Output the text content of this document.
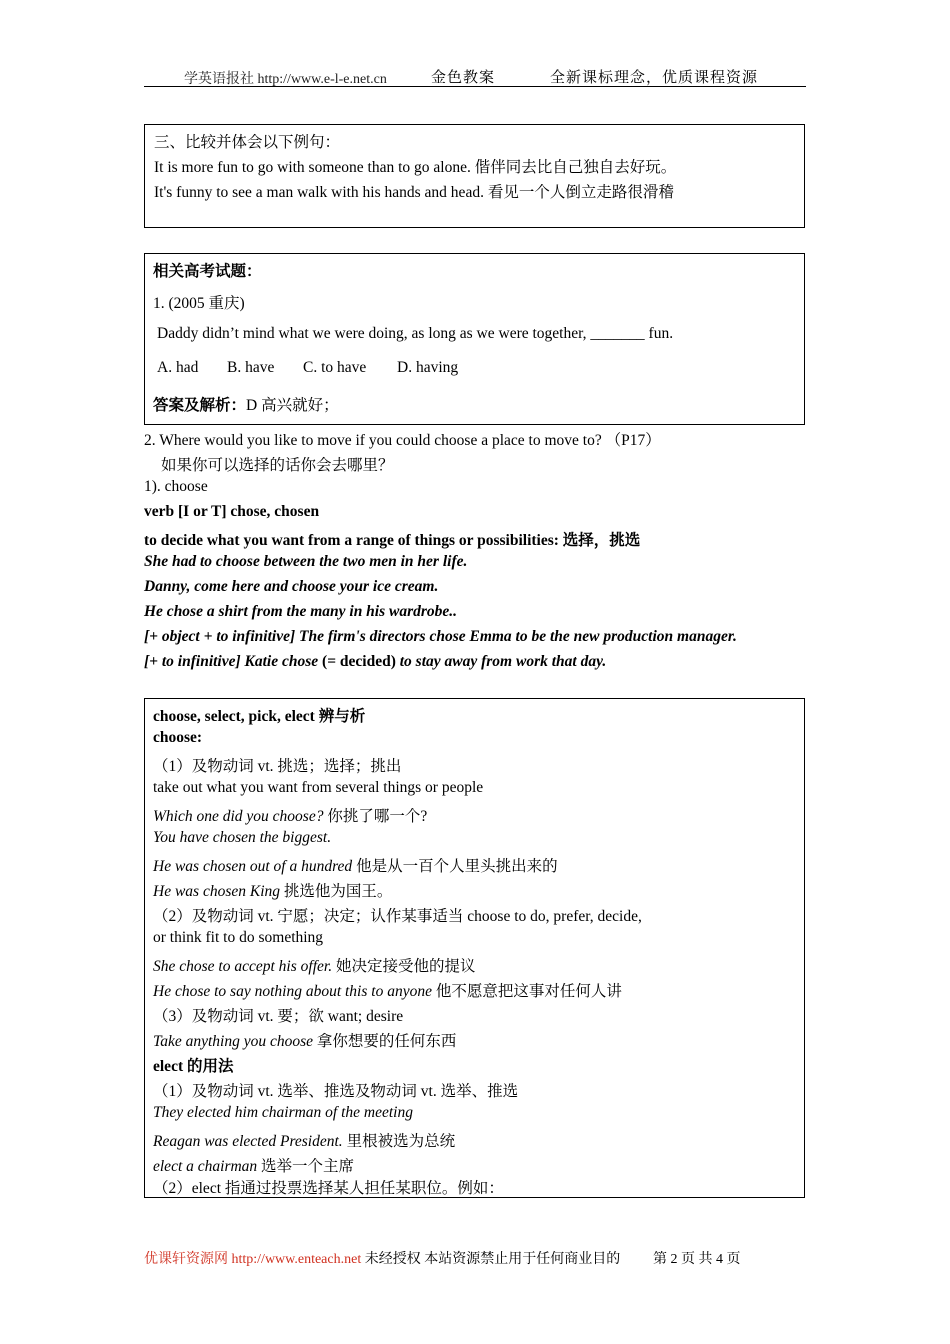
学英语报社 http://www.e-l-e.net.cn	金色教案	全新课标理念，优质课程资源
三、比较并体会以下例句：
It is more fun to go with someone than to go alone. 偕伴同去比自己独自去好玩。
It's funny to see a man walk with his hands and head. 看见一个人倒立走路很滑稽
相关高考试题：
1. (2005 重庆)
Daddy didn’t mind what we were doing, as long as we were together, _______ fun.
A. had B. have C. to have D. having
答案及解析：D 高兴就好；
2. Where would you like to move if you could choose a place to move to? （P17）
如果你可以选择的话你会去哪里？
1). choose
verb [I or T] chose, chosen
to decide what you want from a range of things or possibilities: 选择，挑选
She had to choose between the two men in her life.
Danny, come here and choose your ice cream.
He chose a shirt from the many in his wardrobe..
[+ object + to infinitive] The firm's directors chose Emma to be the new production manager.
[+ to infinitive] Katie chose (= decided) to stay away from work that day.
choose, select, pick, elect 辨与析
choose:
（1）及物动词 vt. 挑选；选择；挑出
take out what you want from several things or people
Which one did you choose? 你挑了哪一个?
You have chosen the biggest.
He was chosen out of a hundred 他是从一百个人里头挑出来的
He was chosen King 挑选他为国王。
（2）及物动词 vt. 宁愿；决定；认作某事适当 choose to do, prefer, decide,
or think fit to do something
She chose to accept his offer. 她决定接受他的提议
He chose to say nothing about this to anyone 他不愿意把这事对任何人讲
（3）及物动词 vt. 要；欲 want; desire
Take anything you choose 拿你想要的任何东西
elect 的用法
（1）及物动词 vt. 选举、推选及物动词 vt. 选举、推选
They elected him chairman of the meeting
Reagan was elected President. 里根被选为总统
elect a chairman 选举一个主席
（2）elect 指通过投票选择某人担任某职位。例如：
优课轩资源网 http://www.enteach.net 未经授权 本站资源禁止用于任何商业目的 第 2 页 共 4 页
